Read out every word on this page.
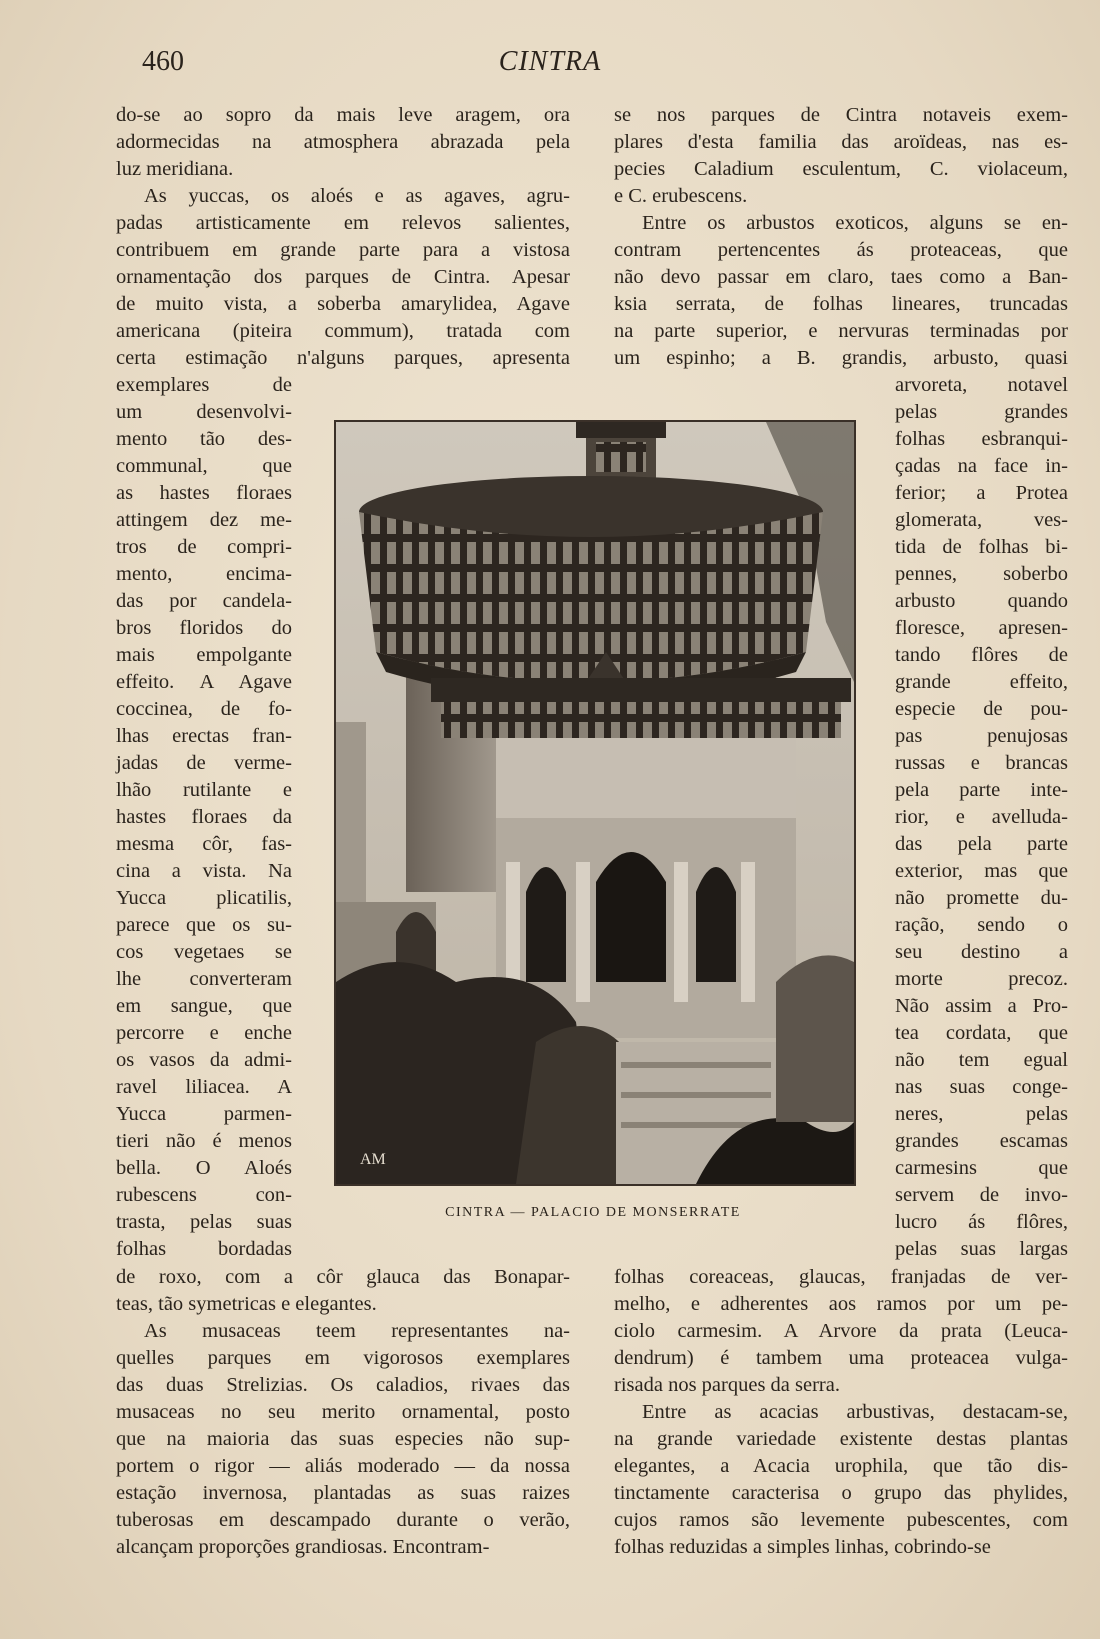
460	CINTRA
do-se ao sopro da mais leve aragem, ora
adormecidas na atmosphera abrazada pela
luz meridiana.
As yuccas, os aloés e as agaves, agru-
padas artisticamente em relevos salientes,
contribuem em grande parte para a vistosa
ornamentação dos parques de Cintra. Apesar
de muito vista, a soberba amarylidea, Agave
americana (piteira commum), tratada com
certa estimação n'alguns parques, apresenta
exemplares de
um desenvolvi-
mento tão des-
communal, que
as hastes floraes
attingem dez me-
tros de compri-
mento, encima-
das por candela-
bros floridos do
mais empolgante
effeito. A Agave
coccinea, de fo-
lhas erectas fran-
jadas de verme-
lhão rutilante e
hastes floraes da
mesma côr, fas-
cina a vista. Na
Yucca plicatilis,
parece que os su-
cos vegetaes se
lhe converteram
em sangue, que
percorre e enche
os vasos da admi-
ravel liliacea. A
Yucca parmen-
tieri não é menos
bella. O Aloés
rubescens con-
trasta, pelas suas
folhas bordadas
de roxo, com a côr glauca das Bonapar-
teas, tão symetricas e elegantes.
As musaceas teem representantes na-
quelles parques em vigorosos exemplares
das duas Strelizias. Os caladios, rivaes das
musaceas no seu merito ornamental, posto
que na maioria das suas especies não sup-
portem o rigor — aliás moderado — da nossa
estação invernosa, plantadas as suas raizes
tuberosas em descampado durante o verão,
alcançam proporções grandiosas. Encontram-
se nos parques de Cintra notaveis exem-
plares d'esta familia das aroïdeas, nas es-
pecies Caladium esculentum, C. violaceum,
e C. erubescens.
Entre os arbustos exoticos, alguns se en-
contram pertencentes ás proteaceas, que
não devo passar em claro, taes como a Ban-
ksia serrata, de folhas lineares, truncadas
na parte superior, e nervuras terminadas por
um espinho; a B. grandis, arbusto, quasi
arvoreta, notavel
pelas grandes
folhas esbranqui-
çadas na face in-
ferior; a Protea
glomerata, ves-
tida de folhas bi-
pennes, soberbo
arbusto quando
floresce, apresen-
tando flôres de
grande effeito,
especie de pou-
pas penujosas
russas e brancas
pela parte inte-
rior, e avelluda-
das pela parte
exterior, mas que
não promette du-
ração, sendo o
seu destino a
morte precoz.
Não assim a Pro-
tea cordata, que
não tem egual
nas suas conge-
neres, pelas
grandes escamas
carmesins que
servem de invo-
lucro ás flôres,
pelas suas largas
folhas coreaceas, glaucas, franjadas de ver-
melho, e adherentes aos ramos por um pe-
ciolo carmesim. A Arvore da prata (Leuca-
dendrum) é tambem uma proteacea vulga-
risada nos parques da serra.
Entre as acacias arbustivas, destacam-se,
na grande variedade existente destas plantas
elegantes, a Acacia urophila, que tão dis-
tinctamente caracterisa o grupo das phylides,
cujos ramos são levemente pubescentes, com
folhas reduzidas a simples linhas, cobrindo-se
AM
CINTRA — PALACIO DE MONSERRATE
